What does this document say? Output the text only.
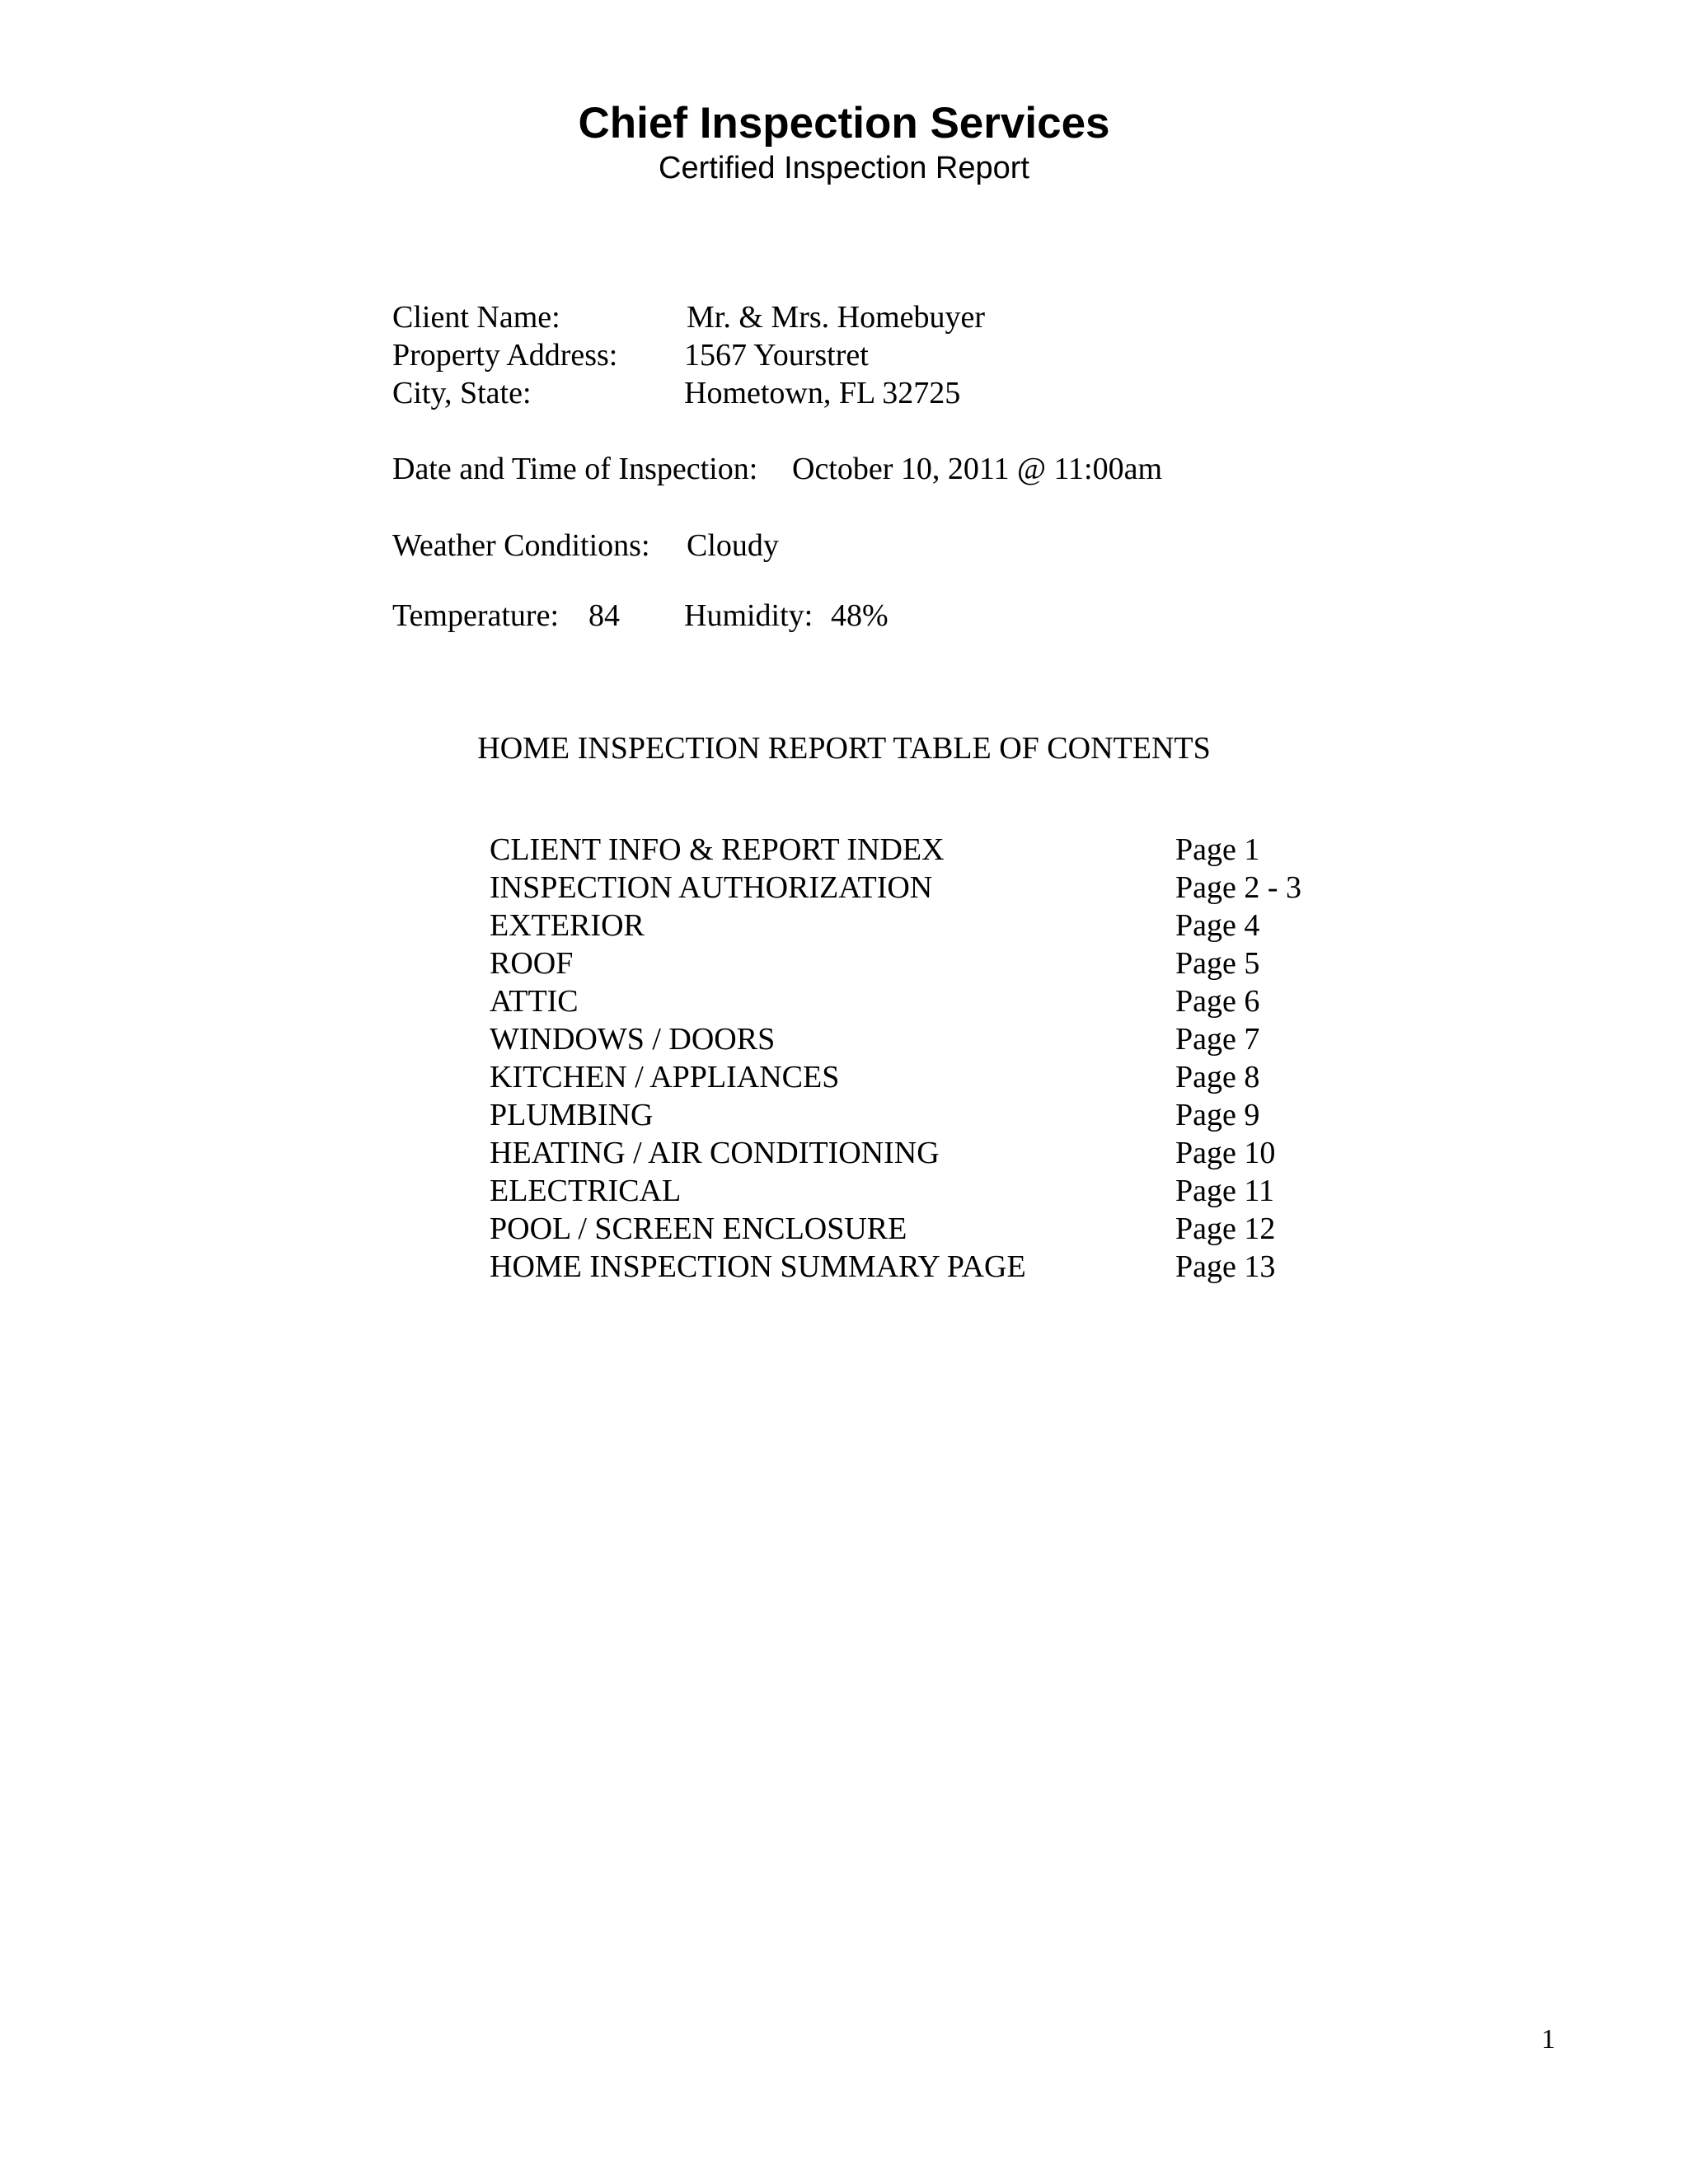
Chief Inspection Services
Certified Inspection Report
Client Name:	Mr. & Mrs. Homebuyer
Property Address: 1567 Yourstret
City, State:	Hometown, FL 32725
Date and Time of Inspection: October 10, 2011 @ 11:00am
Weather Conditions: Cloudy
Temperature: 84 Humidity: 48%
HOME INSPECTION REPORT TABLE OF CONTENTS
CLIENT INFO & REPORT INDEX	Page 1
INSPECTION AUTHORIZATION	Page 2 - 3
EXTERIOR	Page 4
ROOF	Page 5
ATTIC	Page 6
WINDOWS / DOORS	Page 7
KITCHEN / APPLIANCES	Page 8
PLUMBING	Page 9
HEATING / AIR CONDITIONING	Page 10
ELECTRICAL	Page 11
POOL / SCREEN ENCLOSURE	Page 12
HOME INSPECTION SUMMARY PAGE	Page 13
1
